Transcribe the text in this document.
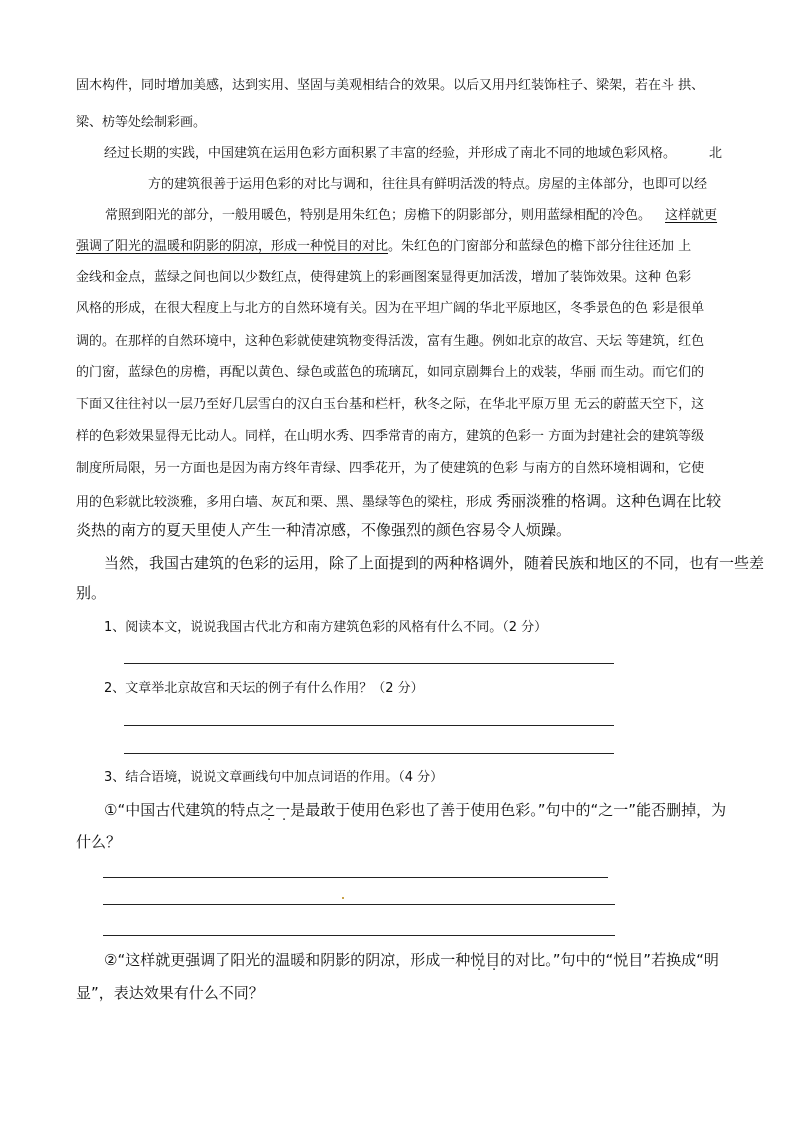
固木构件，同时增加美感，达到实用、坚固与美观相结合的效果。以后又用丹红装饰柱子、梁架，若在斗 拱、
梁、枋等处绘制彩画。
经过长期的实践，中国建筑在运用色彩方面积累了丰富的经验，并形成了南北不同的地域色彩风格。	北
方的建筑很善于运用色彩的对比与调和，往往具有鲜明活泼的特点。房屋的主体部分，也即可以经
常照到阳光的部分，一般用暖色，特别是用朱红色；房檐下的阴影部分，则用蓝绿相配的冷色。 这样就更
强调了阳光的温暖和阴影的阴凉，形成一种悦目的对比。朱红色的门窗部分和蓝绿色的檐下部分往往还加 上
金线和金点，蓝绿之间也间以少数红点，使得建筑上的彩画图案显得更加活泼，增加了装饰效果。这种 色彩
风格的形成，在很大程度上与北方的自然环境有关。因为在平坦广阔的华北平原地区，冬季景色的色 彩是很单
调的。在那样的自然环境中，这种色彩就使建筑物变得活泼，富有生趣。例如北京的故宫、天坛 等建筑，红色
的门窗，蓝绿色的房檐，再配以黄色、绿色或蓝色的琉璃瓦，如同京剧舞台上的戏装，华丽 而生动。而它们的
下面又往往衬以一层乃至好几层雪白的汉白玉台基和栏杆，秋冬之际，在华北平原万里 无云的蔚蓝天空下，这
样的色彩效果显得无比动人。同样，在山明水秀、四季常青的南方，建筑的色彩一 方面为封建社会的建筑等级
制度所局限，另一方面也是因为南方终年青绿、四季花开，为了使建筑的色彩 与南方的自然环境相调和，它使
用的色彩就比较淡雅，多用白墙、灰瓦和栗、黑、墨绿等色的梁柱，形成 秀丽淡雅的格调。这种色调在比较
炎热的南方的夏天里使人产生一种清凉感，不像强烈的颜色容易令人烦躁。
当然，我国古建筑的色彩的运用，除了上面提到的两种格调外，随着民族和地区的不同，也有一些差
别。
1、阅读本文，说说我国古代北方和南方建筑色彩的风格有什么不同。（2 分）
2、文章举北京故宫和天坛的例子有什么作用？（2 分）
3、结合语境，说说文章画线句中加点词语的作用。（4 分）
①“中国古代建筑的特点之一是最敢于使用色彩也了善于使用色彩。”句中的“之一”能否删掉，为
什么？
②“这样就更强调了阳光的温暖和阴影的阴凉，形成一种悦目的对比。”句中的“悦目”若换成“明
显”，表达效果有什么不同？
